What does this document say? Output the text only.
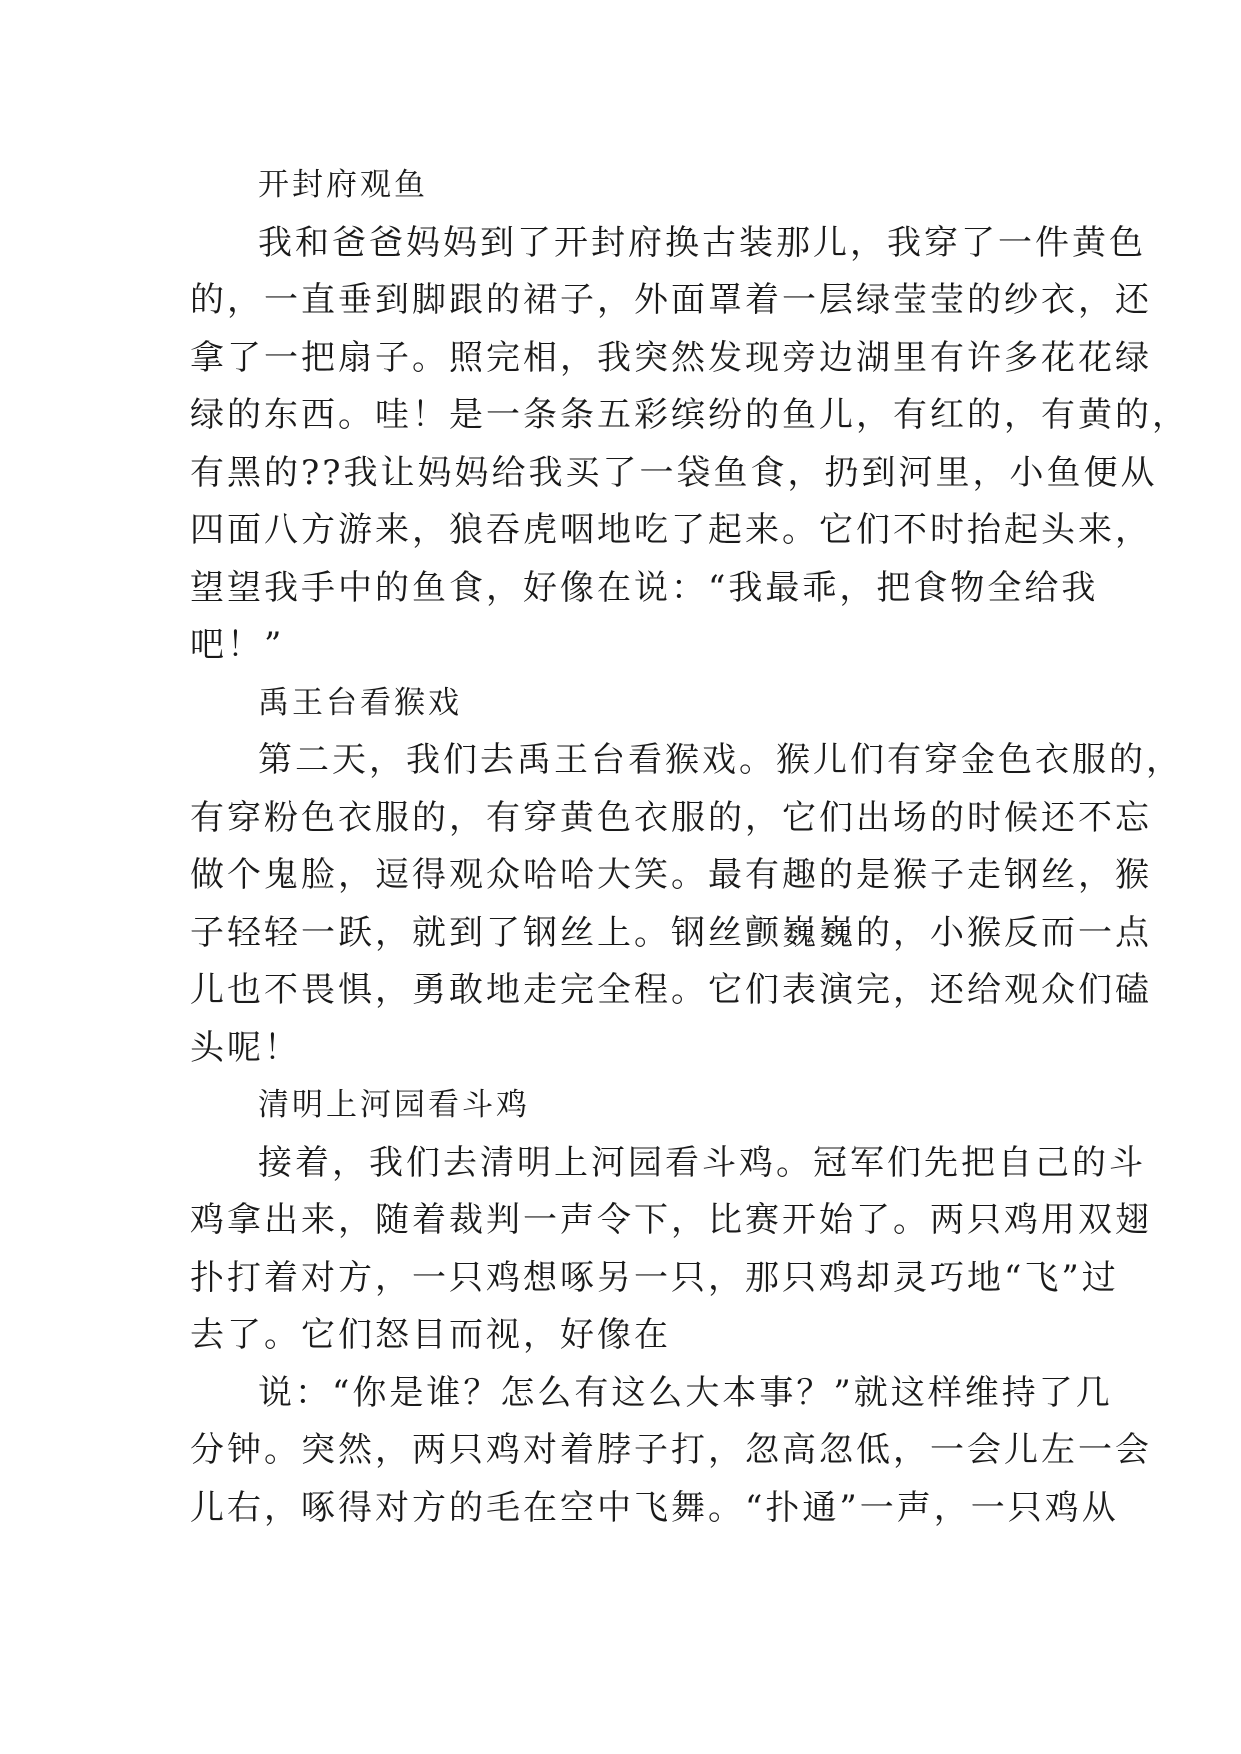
开封府观鱼
我和爸爸妈妈到了开封府换古装那儿，我穿了一件黄色
的，一直垂到脚跟的裙子，外面罩着一层绿莹莹的纱衣，还
拿了一把扇子。照完相，我突然发现旁边湖里有许多花花绿
绿的东西。哇！是一条条五彩缤纷的鱼儿，有红的，有黄的，
有黑的??我让妈妈给我买了一袋鱼食，扔到河里，小鱼便从
四面八方游来，狼吞虎咽地吃了起来。它们不时抬起头来，
望望我手中的鱼食，好像在说：“我最乖，把食物全给我
吧！”
禹王台看猴戏
第二天，我们去禹王台看猴戏。猴儿们有穿金色衣服的，
有穿粉色衣服的，有穿黄色衣服的，它们出场的时候还不忘
做个鬼脸，逗得观众哈哈大笑。最有趣的是猴子走钢丝，猴
子轻轻一跃，就到了钢丝上。钢丝颤巍巍的，小猴反而一点
儿也不畏惧，勇敢地走完全程。它们表演完，还给观众们磕
头呢！
清明上河园看斗鸡
接着，我们去清明上河园看斗鸡。冠军们先把自己的斗
鸡拿出来，随着裁判一声令下，比赛开始了。两只鸡用双翅
扑打着对方，一只鸡想啄另一只，那只鸡却灵巧地“飞”过
去了。它们怒目而视，好像在
说：“你是谁？怎么有这么大本事？”就这样维持了几
分钟。突然，两只鸡对着脖子打，忽高忽低，一会儿左一会
儿右，啄得对方的毛在空中飞舞。“扑通”一声，一只鸡从
